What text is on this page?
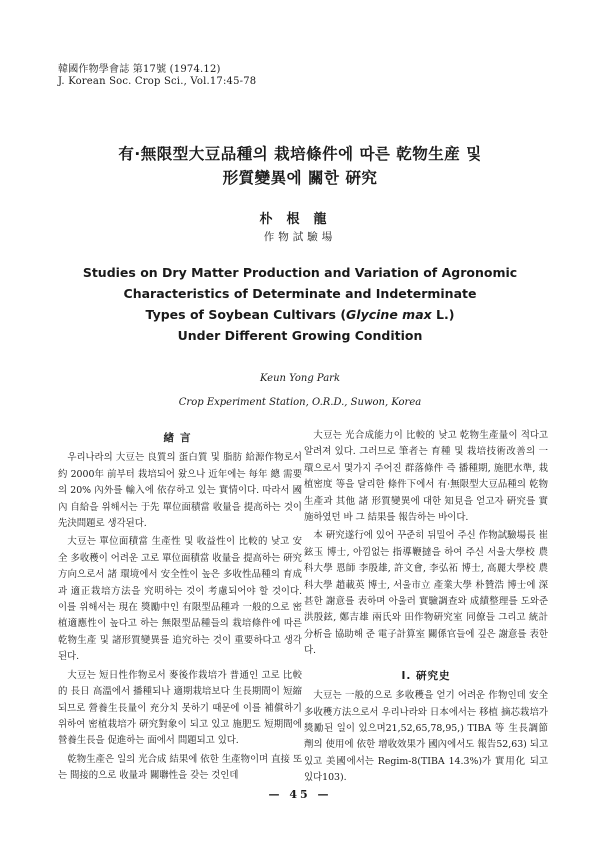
韓國作物學會誌 第17號 (1974.12)
J. Korean Soc. Crop Sci., Vol.17:45-78
有·無限型大豆品種의 栽培條件에 따른 乾物生産 및
形質變異에 關한 硏究
朴根龍
作物試驗場
Studies on Dry Matter Production and Variation of Agronomic
Characteristics of Determinate and Indeterminate
Types of Soybean Cultivars (Glycine max L.)
Under Different Growing Condition
Keun Yong Park
Crop Experiment Station, O.R.D., Suwon, Korea
緖言

우리나라의 大豆는 良質의 蛋白質 및 脂肪 給源作物로서 約 2000年 前부터 栽培되어 왔으나 近年에는 每年 總 需要의 20% 內外를 輸入에 依存하고 있는 實情이다. 따라서 國內 自給을 위해서는 于先 單位面積當 收量을 提高하는 것이 先決問題로 생각된다.

大豆는 單位面積當 生產性 및 收益性이 比較的 낮고 安全 多收穫이 어려운 고로 單位面積當 收量을 提高하는 硏究方向으로서 諸 環境에서 安全性이 높은 多收性品種의 育成과 適正栽培方法을 究明하는 것이 考慮되어야 할 것이다. 이를 위해서는 現在 獎勵中인 有限型品種과 一般的으로 密植適應性이 높다고 하는 無限型品種들의 栽培條件에 따른 乾物生產 및 諸形質變異를 追究하는 것이 重要하다고 생각된다.

大豆는 短日性作物로서 麥後作栽培가 普通인 고로 比較的 長日 高溫에서 播種되나 適期栽培보다 生長期間이 短縮되므로 營養生長量이 充分치 못하기 때문에 이를 補償하기 위하여 密植栽培가 硏究對象이 되고 있고 施肥도 短期間에 營養生長을 促進하는 面에서 問題되고 있다.

乾物生產은 일의 光合成 結果에 依한 生產物이며 直接 또는 間接的으로 收量과 關聯性을 갖는 것인데

大豆는 光合成能力이 比較的 낮고 乾物生產量이 적다고 알려져 있다. 그러므로 筆者는 育種 및 栽培技術改善의 一環으로서 몇가지 주어진 群落條件 즉 播種期, 施肥水準, 栽植密度 等을 달리한 條件下에서 有·無限型大豆品種의 乾物生產과 其他 諸 形質變異에 대한 知見을 얻고자 硏究를 實施하였던 바 그 結果를 報告하는 바이다.

本 硏究遂行에 있어 꾸준히 뒤밀어 주신 作物試驗場長 崔鉉玉 博士, 아낌없는 指導鞭撻을 하여 주신 서울大學校 農科大學 恩師 李殷雄, 許文會, 李弘祏 博士, 高麗大學校 農科大學 趙載英 博士, 서울市立 產業大學 朴贊浩 博士에 深甚한 謝意를 表하며 아울러 實驗調查와 成績整理를 도와준 洪殷鉉, 鄭吉雄 兩氏와 田作物硏究室 同僚들 그리고 統計分析을 協助해 준 電子計算室 關係官들에 깊은 謝意를 表한다.

I. 硏究史

大豆는 一般的으로 多收穫을 얻기 어려운 作物인데 安全 多收穫方法으로서 우리나라와 日本에서는 移植 摘芯栽培가 獎勵된 일이 있으며21,52,65,78,95,) TIBA 等 生長調節劑의 使用에 依한 增收效果가 國內에서도 報告52,63) 되고 있고 美國에서는 Regim-8(TIBA 14.3%)가 實用化 되고 있다103).

— 45 —
